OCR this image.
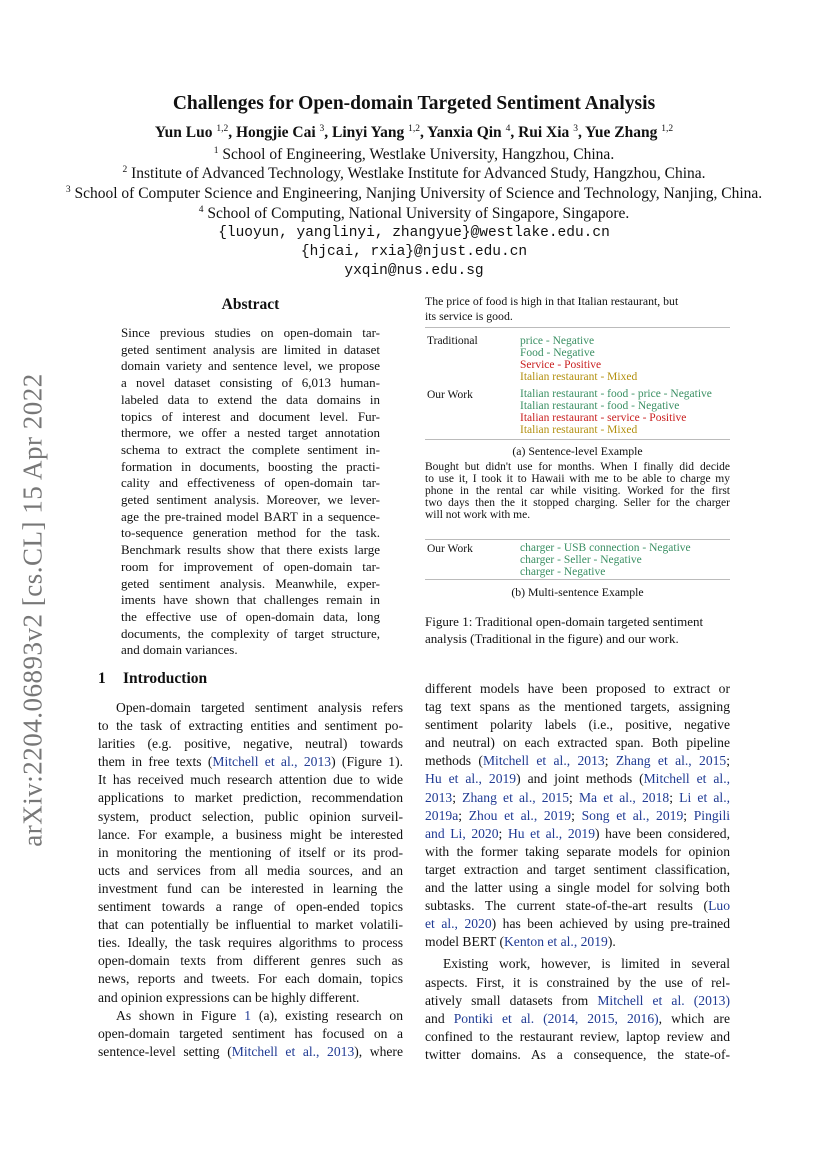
arXiv:2204.06893v2 [cs.CL] 15 Apr 2022
Challenges for Open-domain Targeted Sentiment Analysis
Yun Luo $^{1,2}$, Hongjie Cai $^3$, Linyi Yang $^{1,2}$, Yanxia Qin $^4$, Rui Xia $^3$, Yue Zhang $^{1,2}$
$^1$ School of Engineering, Westlake University, Hangzhou, China.
$^2$ Institute of Advanced Technology, Westlake Institute for Advanced Study, Hangzhou, China.
$^3$ School of Computer Science and Engineering, Nanjing University of Science and Technology, Nanjing, China.
$^4$ School of Computing, National University of Singapore, Singapore.
{luoyun, yanglinyi, zhangyue}@westlake.edu.cn
{hjcai, rxia}@njust.edu.cn
yxqin@nus.edu.sg
Abstract
Since previous studies on open-domain tar-
geted sentiment analysis are limited in dataset
domain variety and sentence level, we propose
a novel dataset consisting of 6,013 human-
labeled data to extend the data domains in
topics of interest and document level. Fur-
thermore, we offer a nested target annotation
schema to extract the complete sentiment in-
formation in documents, boosting the practi-
cality and effectiveness of open-domain tar-
geted sentiment analysis. Moreover, we lever-
age the pre-trained model BART in a sequence-
to-sequence generation method for the task.
Benchmark results show that there exists large
room for improvement of open-domain tar-
geted sentiment analysis. Meanwhile, exper-
iments have shown that challenges remain in
the effective use of open-domain data, long
documents, the complexity of target structure,
and domain variances.
1 Introduction
Open-domain targeted sentiment analysis refers
to the task of extracting entities and sentiment po-
larities (e.g. positive, negative, neutral) towards
them in free texts (Mitchell et al., 2013) (Figure 1).
It has received much research attention due to wide
applications to market prediction, recommendation
system, product selection, public opinion surveil-
lance. For example, a business might be interested
in monitoring the mentioning of itself or its prod-
ucts and services from all media sources, and an
investment fund can be interested in learning the
sentiment towards a range of open-ended topics
that can potentially be influential to market volatili-
ties. Ideally, the task requires algorithms to process
open-domain texts from different genres such as
news, reports and tweets. For each domain, topics
and opinion expressions can be highly different.
As shown in Figure 1 (a), existing research on
open-domain targeted sentiment has focused on a
sentence-level setting (Mitchell et al., 2013), where
different models have been proposed to extract or
tag text spans as the mentioned targets, assigning
sentiment polarity labels (i.e., positive, negative
and neutral) on each extracted span. Both pipeline
methods (Mitchell et al., 2013; Zhang et al., 2015;
Hu et al., 2019) and joint methods (Mitchell et al.,
2013; Zhang et al., 2015; Ma et al., 2018; Li et al.,
2019a; Zhou et al., 2019; Song et al., 2019; Pingili
and Li, 2020; Hu et al., 2019) have been considered,
with the former taking separate models for opinion
target extraction and target sentiment classification,
and the latter using a single model for solving both
subtasks. The current state-of-the-art results (Luo
et al., 2020) has been achieved by using pre-trained
model BERT (Kenton et al., 2019).
Existing work, however, is limited in several
aspects. First, it is constrained by the use of rel-
atively small datasets from Mitchell et al. (2013)
and Pontiki et al. (2014, 2015, 2016), which are
confined to the restaurant review, laptop review and
twitter domains. As a consequence, the state-of-
The price of food is high in that Italian restaurant, but
its service is good.
Traditional	price - Negative
Food - Negative
Service - Positive
Italian restaurant - Mixed
Our Work	Italian restaurant - food - price - Negative
Italian restaurant - food - Negative
Italian restaurant - service - Positive
Italian restaurant - Mixed
(a) Sentence-level Example
Bought but didn't use for months. When I finally did decide
to use it, I took it to Hawaii with me to be able to charge my
phone in the rental car while visiting. Worked for the first
two days then the it stopped charging. Seller for the charger
will not work with me.
Our Work	charger - USB connection - Negative
charger - Seller - Negative
charger - Negative
(b) Multi-sentence Example
Figure 1: Traditional open-domain targeted sentiment
analysis (Traditional in the figure) and our work.
